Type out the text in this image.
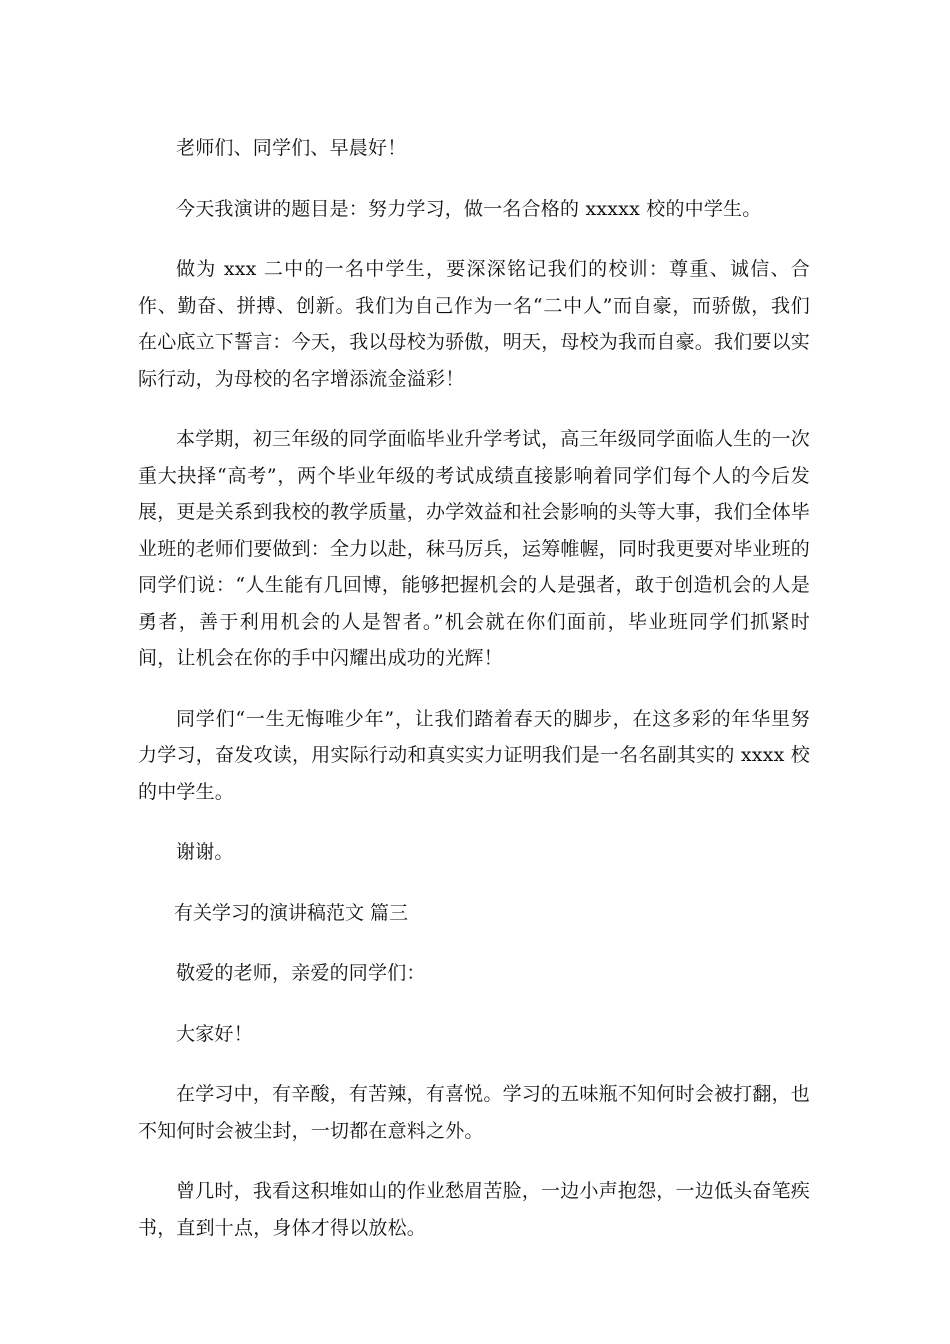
老师们、同学们、早晨好！

今天我演讲的题目是：努力学习，做一名合格的 xxxxx 校的中学生。

做为 xxx 二中的一名中学生，要深深铭记我们的校训：尊重、诚信、合作、勤奋、拼搏、创新。我们为自己作为一名“二中人”而自豪，而骄傲，我们在心底立下誓言：今天，我以母校为骄傲，明天，母校为我而自豪。我们要以实际行动，为母校的名字增添流金溢彩！

本学期，初三年级的同学面临毕业升学考试，高三年级同学面临人生的一次重大抉择“高考”，两个毕业年级的考试成绩直接影响着同学们每个人的今后发展，更是关系到我校的教学质量，办学效益和社会影响的头等大事，我们全体毕业班的老师们要做到：全力以赴，秣马厉兵，运筹帷幄，同时我更要对毕业班的同学们说：“人生能有几回博，能够把握机会的人是强者，敢于创造机会的人是勇者，善于利用机会的人是智者。”机会就在你们面前，毕业班同学们抓紧时间，让机会在你的手中闪耀出成功的光辉！

同学们“一生无悔唯少年”，让我们踏着春天的脚步，在这多彩的年华里努力学习，奋发攻读，用实际行动和真实实力证明我们是一名名副其实的 xxxx 校的中学生。

谢谢。

有关学习的演讲稿范文 篇三

敬爱的老师，亲爱的同学们：

大家好！

在学习中，有辛酸，有苦辣，有喜悦。学习的五味瓶不知何时会被打翻，也不知何时会被尘封，一切都在意料之外。

曾几时，我看这积堆如山的作业愁眉苦脸，一边小声抱怨，一边低头奋笔疾书，直到十点，身体才得以放松。
